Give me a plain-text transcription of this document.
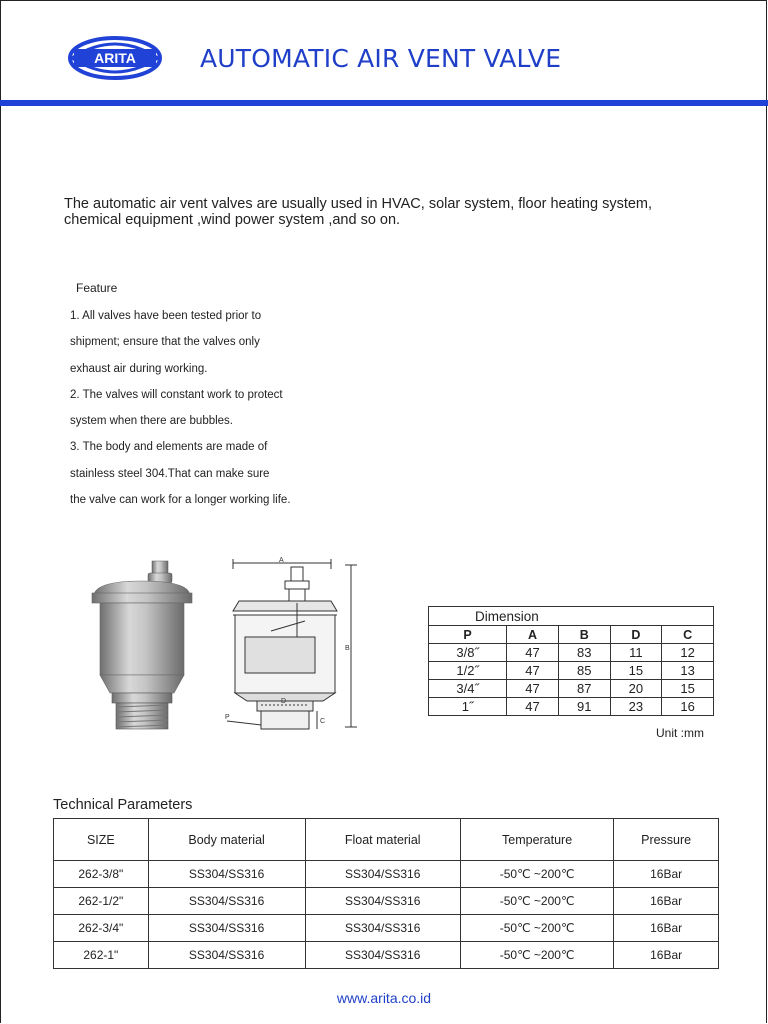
ARITA	AUTOMATIC AIR VENT VALVE
The automatic air vent valves are usually used in HVAC, solar system, floor heating system,
chemical equipment ,wind power system ,and so on.
Feature
1. All valves have been tested prior to
shipment; ensure that the valves only
exhaust air during working.
2. The valves will constant work to protect
system when there are bubbles.
3. The body and elements are made of
stainless steel 304.That can make sure
the valve can work for a longer working life.
A
B
P
D
C
Dimension				
P	A	B	D	C
3/8˝	47	83	11	12
1/2˝	47	85	15	13
3/4˝	47	87	20	15
1˝	47	91	23	16
Unit :mm
Technical Parameters
SIZE	Body material	Float material	Temperature	Pressure
262-3/8"	SS304/SS316	SS304/SS316	-50℃ ~200℃	16Bar
262-1/2"	SS304/SS316	SS304/SS316	-50℃ ~200℃	16Bar
262-3/4"	SS304/SS316	SS304/SS316	-50℃ ~200℃	16Bar
262-1"	SS304/SS316	SS304/SS316	-50℃ ~200℃	16Bar
www.arita.co.id
